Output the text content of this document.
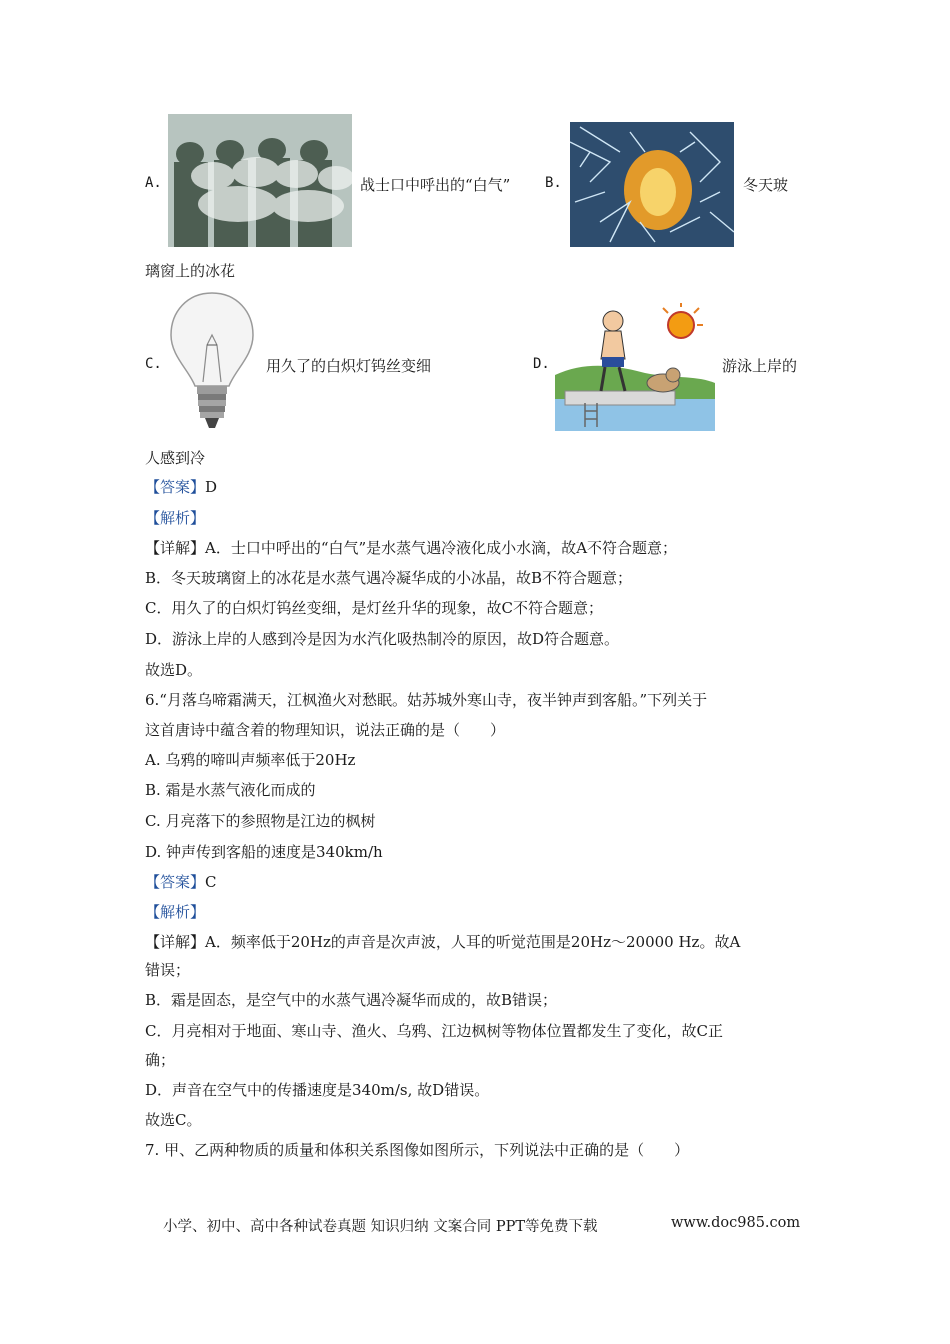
A.	战士口中呼出的“白气” B.	冬天玻
璃窗上的冰花
C.	用久了的白炽灯钨丝变细	D.	游泳上岸的
人感到冷
【答案】D
【解析】
【详解】A．士口中呼出的“白气”是水蒸气遇冷液化成小水滴，故A不符合题意；
B．冬天玻璃窗上的冰花是水蒸气遇冷凝华成的小冰晶，故B不符合题意；
C．用久了的白炽灯钨丝变细，是灯丝升华的现象，故C不符合题意；
D．游泳上岸的人感到冷是因为水汽化吸热制冷的原因，故D符合题意。
故选D。
6.“月落乌啼霜满天，江枫渔火对愁眠。姑苏城外寒山寺，夜半钟声到客船。”下列关于
这首唐诗中蕴含着的物理知识，说法正确的是（　　）
A. 乌鸦的啼叫声频率低于20Hz
B. 霜是水蒸气液化而成的
C. 月亮落下的参照物是江边的枫树
D. 钟声传到客船的速度是340km/h
【答案】C
【解析】
【详解】A．频率低于20Hz的声音是次声波，人耳的听觉范围是20Hz～20000 Hz。故A
错误；
B．霜是固态，是空气中的水蒸气遇冷凝华而成的，故B错误；
C．月亮相对于地面、寒山寺、渔火、乌鸦、江边枫树等物体位置都发生了变化，故C正
确；
D．声音在空气中的传播速度是340m/s, 故D错误。
故选C。
7. 甲、乙两种物质的质量和体积关系图像如图所示，下列说法中正确的是（　　）
小学、初中、高中各种试卷真题 知识归纳 文案合同 PPT等免费下载	www.doc985.com
